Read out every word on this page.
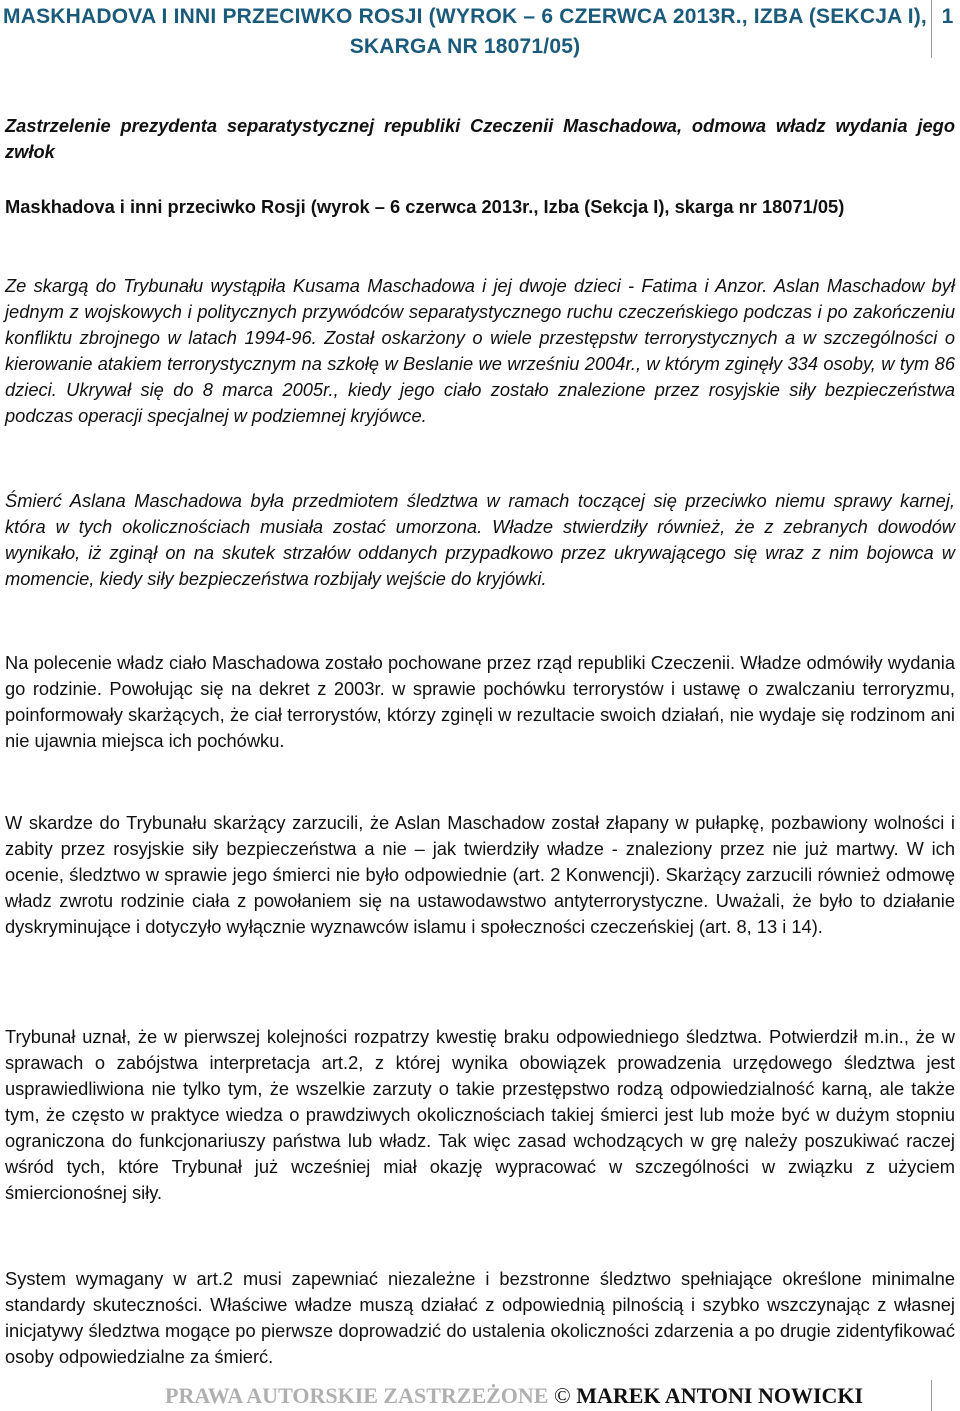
MASKHADOVA I INNI PRZECIWKO ROSJI (WYROK – 6 CZERWCA 2013R., IZBA (SEKCJA I),
SKARGA NR 18071/05)
1

Zastrzelenie prezydenta separatystycznej republiki Czeczenii Maschadowa, odmowa władz wydania jego zwłok

Maskhadova i inni przeciwko Rosji (wyrok – 6 czerwca 2013r., Izba (Sekcja I), skarga nr 18071/05)

Ze skargą do Trybunału wystąpiła Kusama Maschadowa i jej dwoje dzieci - Fatima i Anzor. Aslan Maschadow był jednym z wojskowych i politycznych przywódców separatystycznego ruchu czeczeńskiego podczas i po zakończeniu konfliktu zbrojnego w latach 1994-96. Został oskarżony o wiele przestępstw terrorystycznych a w szczególności o kierowanie atakiem terrorystycznym na szkołę w Beslanie we wrześniu 2004r., w którym zginęły 334 osoby, w tym 86 dzieci. Ukrywał się do 8 marca 2005r., kiedy jego ciało zostało znalezione przez rosyjskie siły bezpieczeństwa podczas operacji specjalnej w podziemnej kryjówce.

Śmierć Aslana Maschadowa była przedmiotem śledztwa w ramach toczącej się przeciwko niemu sprawy karnej, która w tych okolicznościach musiała zostać umorzona. Władze stwierdziły również, że z zebranych dowodów wynikało, iż zginął on na skutek strzałów oddanych przypadkowo przez ukrywającego się wraz z nim bojowca w momencie, kiedy siły bezpieczeństwa rozbijały wejście do kryjówki.

Na polecenie władz ciało Maschadowa zostało pochowane przez rząd republiki Czeczenii. Władze odmówiły wydania go rodzinie. Powołując się na dekret z 2003r. w sprawie pochówku terrorystów i ustawę o zwalczaniu terroryzmu, poinformowały skarżących, że ciał terrorystów, którzy zginęli w rezultacie swoich działań, nie wydaje się rodzinom ani nie ujawnia miejsca ich pochówku.

W skardze do Trybunału skarżący zarzucili, że Aslan Maschadow został złapany w pułapkę, pozbawiony wolności i zabity przez rosyjskie siły bezpieczeństwa a nie – jak twierdziły władze - znaleziony przez nie już martwy. W ich ocenie, śledztwo w sprawie jego śmierci nie było odpowiednie (art. 2 Konwencji). Skarżący zarzucili również odmowę władz zwrotu rodzinie ciała z powołaniem się na ustawodawstwo antyterrorystyczne. Uważali, że było to działanie dyskryminujące i dotyczyło wyłącznie wyznawców islamu i społeczności czeczeńskiej (art. 8, 13 i 14).

Trybunał uznał, że w pierwszej kolejności rozpatrzy kwestię braku odpowiedniego śledztwa. Potwierdził m.in., że w sprawach o zabójstwa interpretacja art.2, z której wynika obowiązek prowadzenia urzędowego śledztwa jest usprawiedliwiona nie tylko tym, że wszelkie zarzuty o takie przestępstwo rodzą odpowiedzialność karną, ale także tym, że często w praktyce wiedza o prawdziwych okolicznościach takiej śmierci jest lub może być w dużym stopniu ograniczona do funkcjonariuszy państwa lub władz. Tak więc zasad wchodzących w grę należy poszukiwać raczej wśród tych, które Trybunał już wcześniej miał okazję wypracować w szczególności w związku z użyciem śmiercionośnej siły.

System wymagany w art.2 musi zapewniać niezależne i bezstronne śledztwo spełniające określone minimalne standardy skuteczności. Właściwe władze muszą działać z odpowiednią pilnością i szybko wszczynając z własnej inicjatywy śledztwa mogące po pierwsze doprowadzić do ustalenia okoliczności zdarzenia a po drugie zidentyfikować osoby odpowiedzialne za śmierć.

PRAWA AUTORSKIE ZASTRZEŻONE © MAREK ANTONI NOWICKI
